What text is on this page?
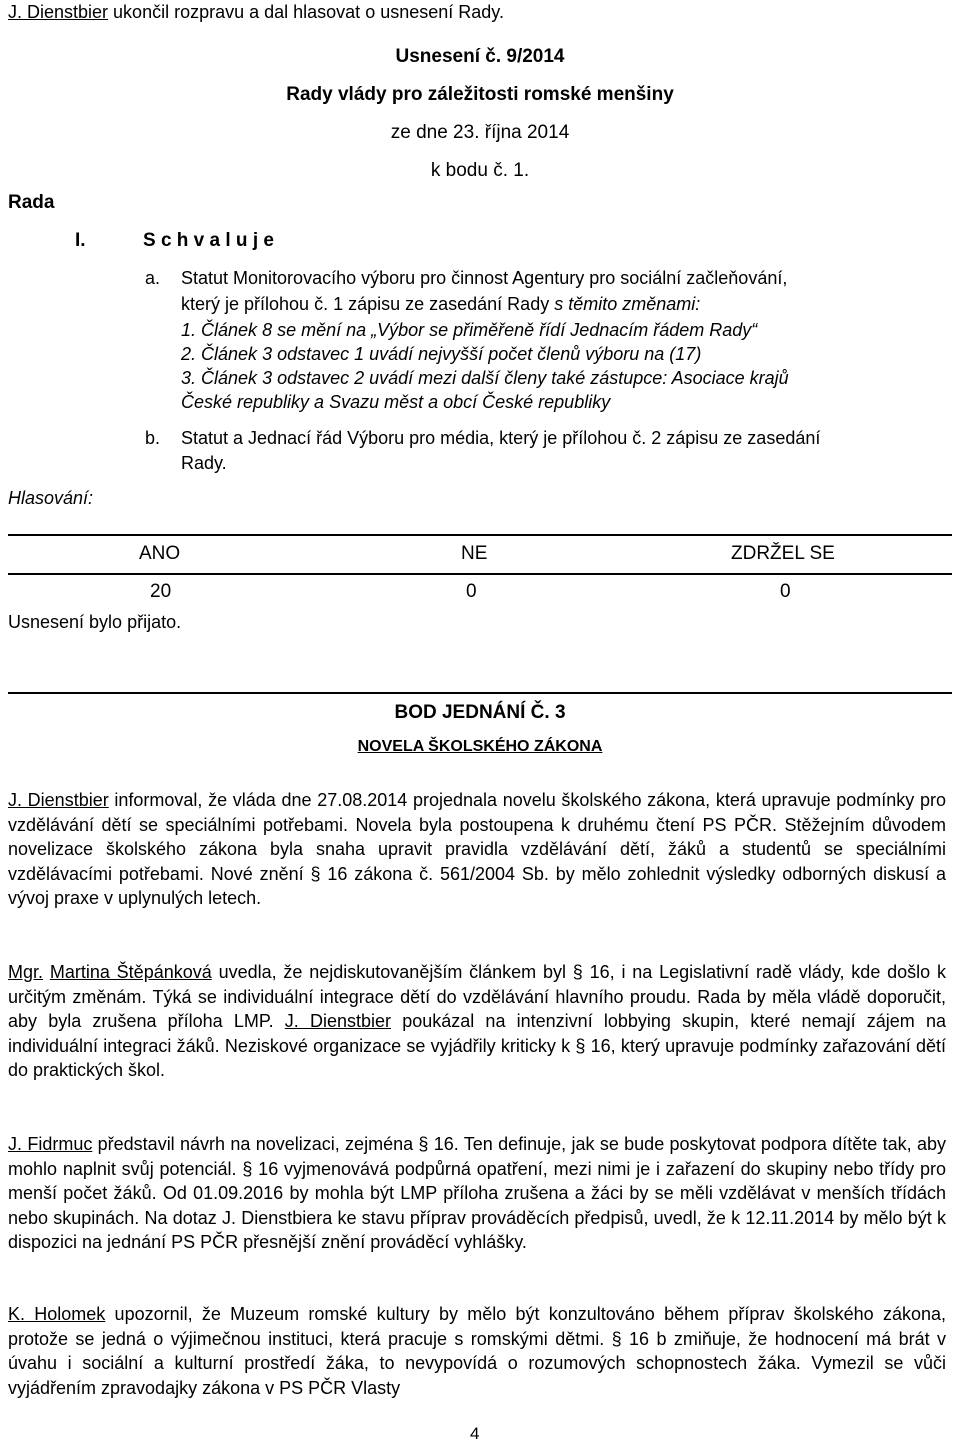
J. Dienstbier ukončil rozpravu a dal hlasovat o usnesení Rady.
Usnesení č. 9/2014
Rady vlády pro záležitosti romské menšiny
ze dne 23. října 2014
k bodu č. 1.
Rada
I.	S c h v a l u j e
a. Statut Monitorovacího výboru pro činnost Agentury pro sociální začleňování,
který je přílohou č. 1 zápisu ze zasedání Rady s těmito změnami:
1. Článek 8 se mění na „Výbor se přiměřeně řídí Jednacím řádem Rady“
2. Článek 3 odstavec 1 uvádí nejvyšší počet členů výboru na (17)
3. Článek 3 odstavec 2 uvádí mezi další členy také zástupce: Asociace krajů
České republiky a Svazu měst a obcí České republiky
b. Statut a Jednací řád Výboru pro média, který je přílohou č. 2 zápisu ze zasedání
Rady.
Hlasování:
ANO	NE	ZDRŽEL SE
20	0	0
Usnesení bylo přijato.
BOD JEDNÁNÍ Č. 3
NOVELA ŠKOLSKÉHO ZÁKONA

J. Dienstbier informoval, že vláda dne 27.08.2014 projednala novelu školského zákona, která upravuje podmínky pro vzdělávání dětí se speciálními potřebami. Novela byla postoupena k druhému čtení PS PČR. Stěžejním důvodem novelizace školského zákona byla snaha upravit pravidla vzdělávání dětí, žáků a studentů se speciálními vzdělávacími potřebami. Nové znění § 16 zákona č. 561/2004 Sb. by mělo zohlednit výsledky odborných diskusí a vývoj praxe v uplynulých letech.

Mgr. Martina Štěpánková uvedla, že nejdiskutovanějším článkem byl § 16, i na Legislativní radě vlády, kde došlo k určitým změnám. Týká se individuální integrace dětí do vzdělávání hlavního proudu. Rada by měla vládě doporučit, aby byla zrušena příloha LMP. J. Dienstbier poukázal na intenzivní lobbying skupin, které nemají zájem na individuální integraci žáků. Neziskové organizace se vyjádřily kriticky k § 16, který upravuje podmínky zařazování dětí do praktických škol.

J. Fidrmuc představil návrh na novelizaci, zejména § 16. Ten definuje, jak se bude poskytovat podpora dítěte tak, aby mohlo naplnit svůj potenciál. § 16 vyjmenovává podpůrná opatření, mezi nimi je i zařazení do skupiny nebo třídy pro menší počet žáků. Od 01.09.2016 by mohla být LMP příloha zrušena a žáci by se měli vzdělávat v menších třídách nebo skupinách. Na dotaz J. Dienstbiera ke stavu příprav prováděcích předpisů, uvedl, že k 12.11.2014 by mělo být k dispozici na jednání PS PČR přesnější znění prováděcí vyhlášky.

K. Holomek upozornil, že Muzeum romské kultury by mělo být konzultováno během příprav školského zákona, protože se jedná o výjimečnou instituci, která pracuje s romskými dětmi. § 16 b zmiňuje, že hodnocení má brát v úvahu i sociální a kulturní prostředí žáka, to nevypovídá o rozumových schopnostech žáka. Vymezil se vůči vyjádřením zpravodajky zákona v PS PČR Vlasty

4
